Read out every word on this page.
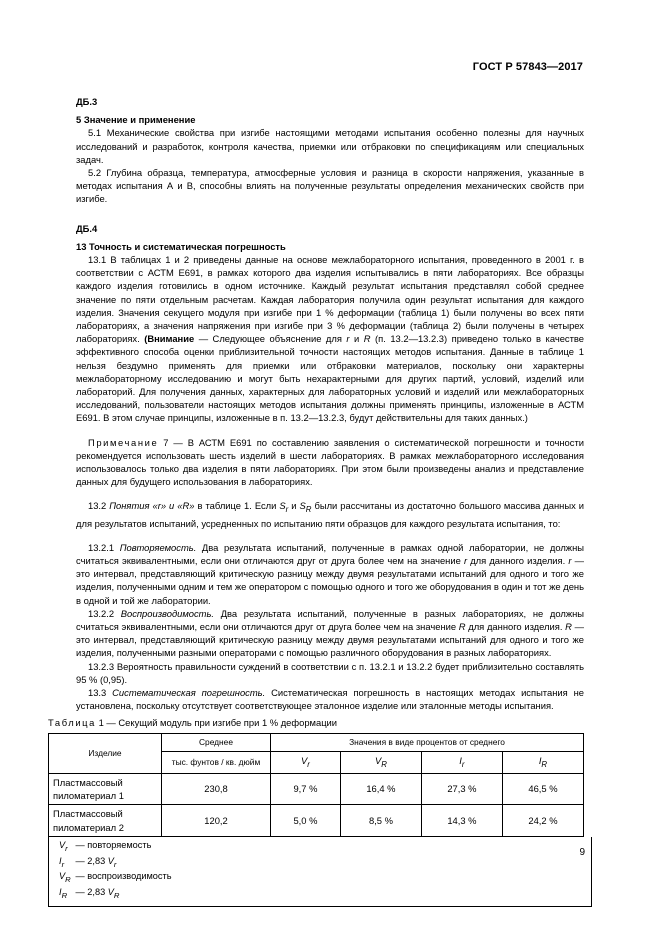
ГОСТ Р 57843—2017

ДБ.3

5 Значение и применение

5.1 Механические свойства при изгибе настоящими методами испытания особенно полезны для научных исследований и разработок, контроля качества, приемки или отбраковки по спецификациям или специальных задач.

5.2 Глубина образца, температура, атмосферные условия и разница в скорости напряжения, указанные в методах испытания А и В, способны влиять на полученные результаты определения механических свойств при изгибе.

ДБ.4

13 Точность и систематическая погрешность

13.1 В таблицах 1 и 2 приведены данные на основе межлабораторного испытания, проведенного в 2001 г. в соответствии с АСТМ Е691, в рамках которого два изделия испытывались в пяти лабораториях. Все образцы каждого изделия готовились в одном источнике. Каждый результат испытания представлял собой среднее значение по пяти отдельным расчетам. Каждая лаборатория получила один результат испытания для каждого изделия. Значения секущего модуля при изгибе при 1 % деформации (таблица 1) были получены во всех пяти лабораториях, а значения напряжения при изгибе при 3 % деформации (таблица 2) были получены в четырех лабораториях. (Внимание — Следующее объяснение для r и R (п. 13.2—13.2.3) приведено только в качестве эффективного способа оценки приблизительной точности настоящих методов испытания. Данные в таблице 1 нельзя бездумно применять для приемки или отбраковки материалов, поскольку они характерны межлабораторному исследованию и могут быть нехарактерными для других партий, условий, изделий или лабораторий. Для получения данных, характерных для лабораторных условий и изделий или межлабораторных исследований, пользователи настоящих методов испытания должны применять принципы, изложенные в АСТМ Е691. В этом случае принципы, изложенные в п. 13.2—13.2.3, будут действительны для таких данных.)

Примечание 7 — В АСТМ Е691 по составлению заявления о систематической погрешности и точности рекомендуется использовать шесть изделий в шести лабораториях. В рамках межлабораторного исследования использовалось только два изделия в пяти лабораториях. При этом были произведены анализ и представление данных для будущего использования в лабораториях.

13.2 Понятия «r» и «R» в таблице 1. Если $S_r$ и $S_R$ были рассчитаны из достаточно большого массива данных и для результатов испытаний, усредненных по испытанию пяти образцов для каждого результата испытания, то:

13.2.1 Повторяемость. Два результата испытаний, полученные в рамках одной лаборатории, не должны считаться эквивалентными, если они отличаются друг от друга более чем на значение r для данного изделия. r — это интервал, представляющий критическую разницу между двумя результатами испытаний для одного и того же изделия, полученными одним и тем же оператором с помощью одного и того же оборудования в один и тот же день в одной и той же лаборатории.

13.2.2 Воспроизводимость. Два результата испытаний, полученные в разных лабораториях, не должны считаться эквивалентными, если они отличаются друг от друга более чем на значение R для данного изделия. R — это интервал, представляющий критическую разницу между двумя результатами испытаний для одного и того же изделия, полученными разными операторами с помощью различного оборудования в разных лабораториях.

13.2.3 Вероятность правильности суждений в соответствии с п. 13.2.1 и 13.2.2 будет приблизительно составлять 95 % (0,95).

13.3 Систематическая погрешность. Систематическая погрешность в настоящих методах испытания не установлена, поскольку отсутствует соответствующее эталонное изделие или эталонные методы испытания.

Таблица 1 — Секущий модуль при изгибе при 1 % деформации
Изделие	Среднее	Значения в виде процентов от среднего			
	тыс. фунтов / кв. дюйм	$V_r$	$V_R$	$I_r$	$I_R$
Пластмассовый пиломатериал 1	230,8	9,7 %	16,4 %	27,3 %	46,5 %
Пластмассовый пиломатериал 2	120,2	5,0 %	8,5 %	14,3 %	24,2 %
$V_r$ — повторяемость
$I_r$ — 2,83 $V_r$
$V_R$ — воспроизводимость
$I_R$ — 2,83 $V_R$
9
